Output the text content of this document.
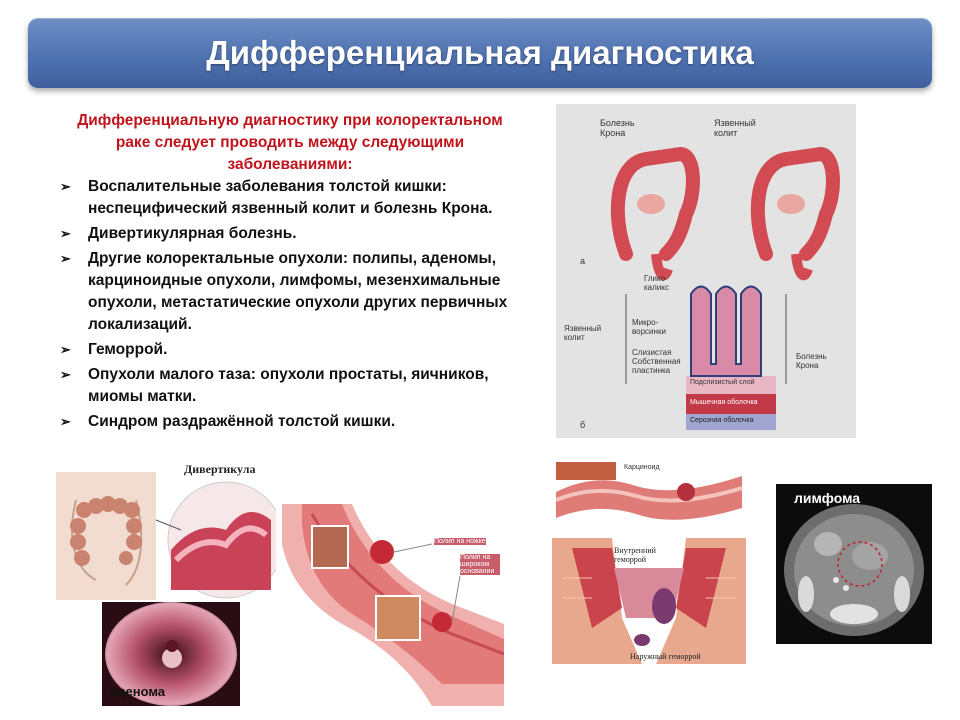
Дифференциальная диагностика
Дифференциальную диагностику при колоректальном раке следует проводить между следующими заболеваниями:
➢ Воспалительные заболевания толстой кишки: неспецифический язвенный колит и болезнь Крона.
➢ Дивертикулярная болезнь.
➢ Другие колоректальные опухоли: полипы, аденомы, карциноидные опухоли, лимфомы, мезенхимальные опухоли, метастатические опухоли других первичных локализаций.
➢ Геморрой.
➢ Опухоли малого таза: опухоли простаты, яичников, миомы матки.
➢ Синдром раздражённой толстой кишки.
Болезнь Крона
Язвенный колит
а
б
Глико-каликс
Микро-ворсинки
Слизистая Собственная пластинка
Язвенный колит
Болезнь Крона
Подслизистый слой
Мышечная оболочка
Серозная оболочка
Дивертикула
аденома
Полип на ножке
Полип на широком основании
Карциноид
Внутренний геморрой
Наружный геморрой
лимфома
